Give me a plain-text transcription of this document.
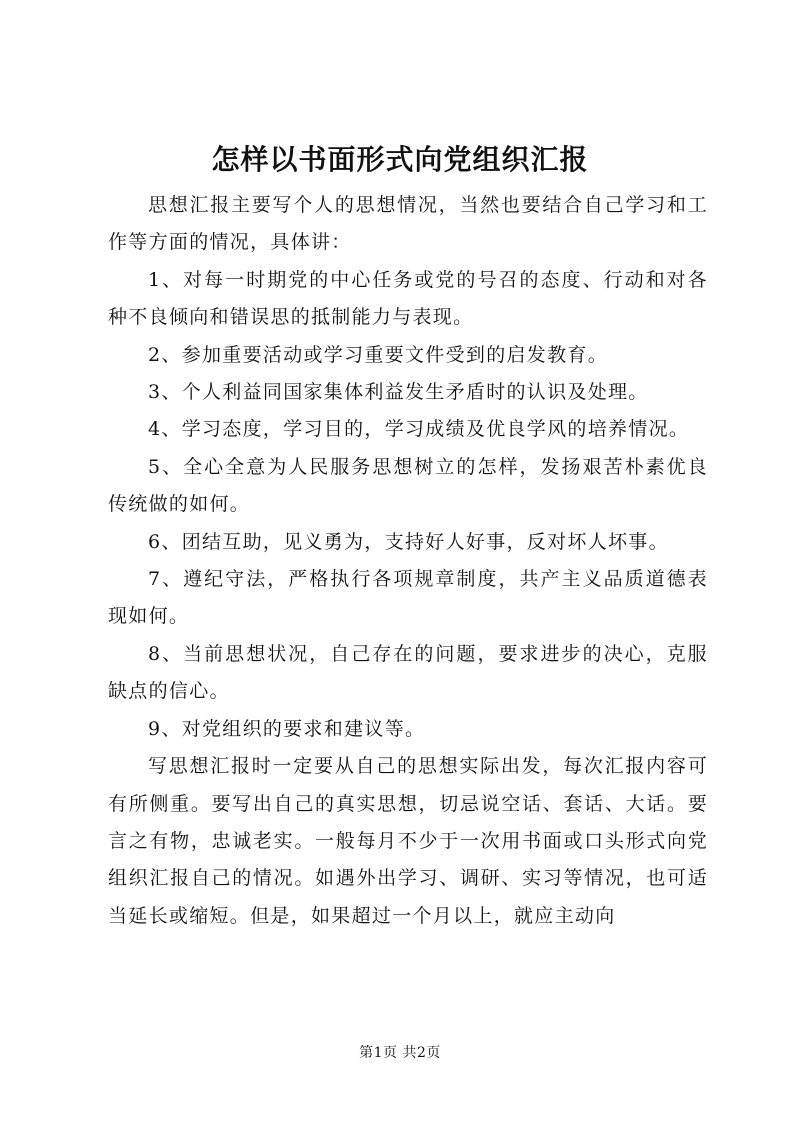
怎样以书面形式向党组织汇报

思想汇报主要写个人的思想情况，当然也要结合自己学习和工作等方面的情况，具体讲：

1、对每一时期党的中心任务或党的号召的态度、行动和对各种不良倾向和错误思的抵制能力与表现。

2、参加重要活动或学习重要文件受到的启发教育。

3、个人利益同国家集体利益发生矛盾时的认识及处理。

4、学习态度，学习目的，学习成绩及优良学风的培养情况。

5、全心全意为人民服务思想树立的怎样，发扬艰苦朴素优良传统做的如何。

6、团结互助，见义勇为，支持好人好事，反对坏人坏事。

7、遵纪守法，严格执行各项规章制度，共产主义品质道德表现如何。

8、当前思想状况，自己存在的问题，要求进步的决心，克服缺点的信心。

9、对党组织的要求和建议等。

写思想汇报时一定要从自己的思想实际出发，每次汇报内容可有所侧重。要写出自己的真实思想，切忌说空话、套话、大话。要言之有物，忠诚老实。一般每月不少于一次用书面或口头形式向党组织汇报自己的情况。如遇外出学习、调研、实习等情况，也可适当延长或缩短。但是，如果超过一个月以上，就应主动向

第1页 共2页
